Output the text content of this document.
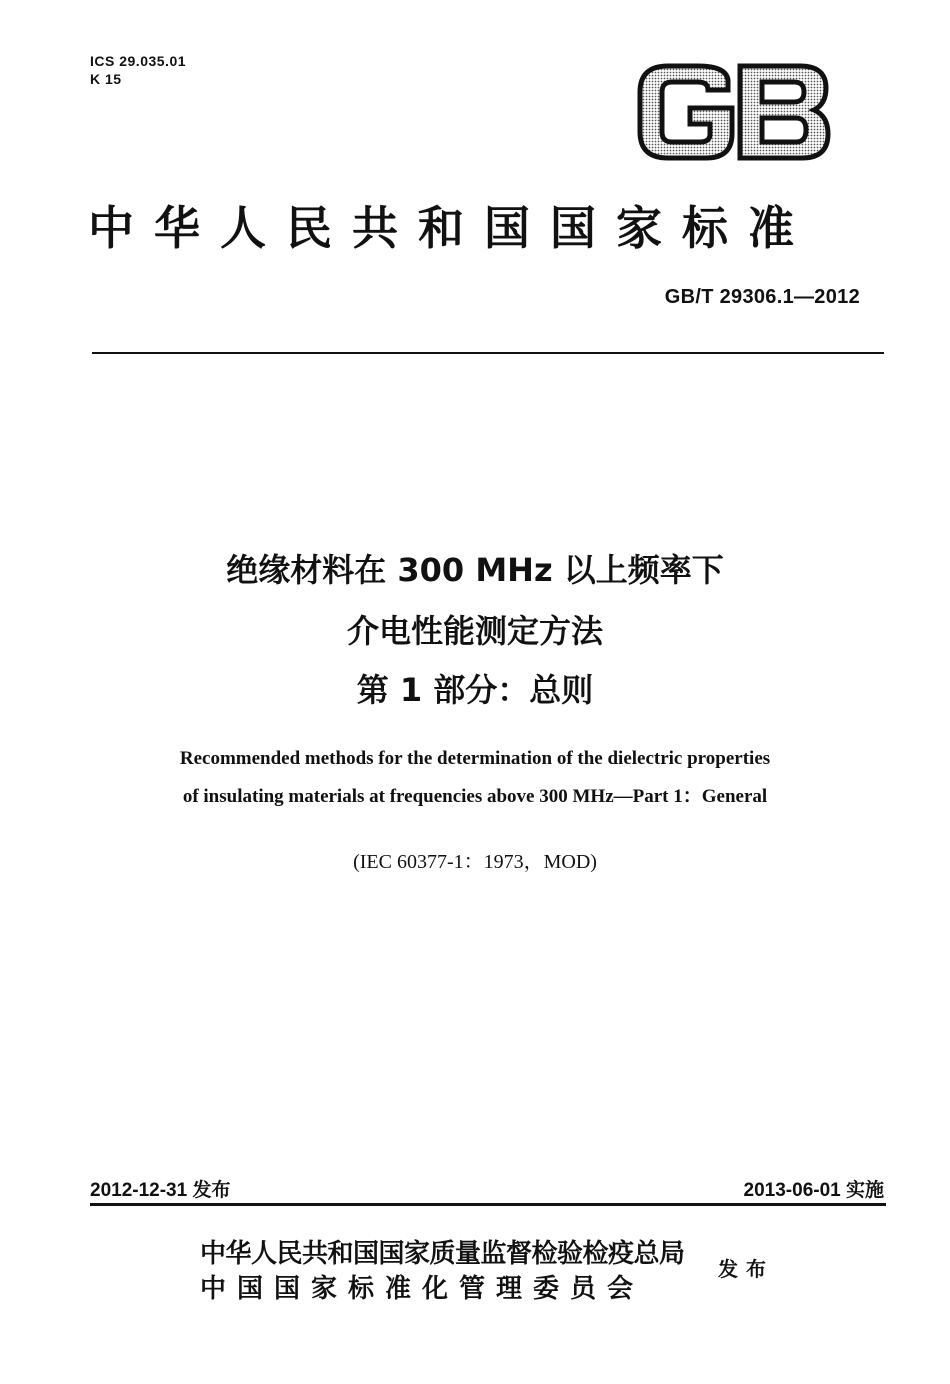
ICS 29.035.01
K 15
中华人民共和国国家标准
GB/T 29306.1—2012
绝缘材料在 300 MHz 以上频率下
介电性能测定方法
第 1 部分：总则
Recommended methods for the determination of the dielectric properties
of insulating materials at frequencies above 300 MHz—Part 1：General
(IEC 60377-1：1973，MOD)
2012-12-31 发布	2013-06-01 实施
中华人民共和国国家质量监督检验检疫总局
中国国家标准化管理委员会
发布
